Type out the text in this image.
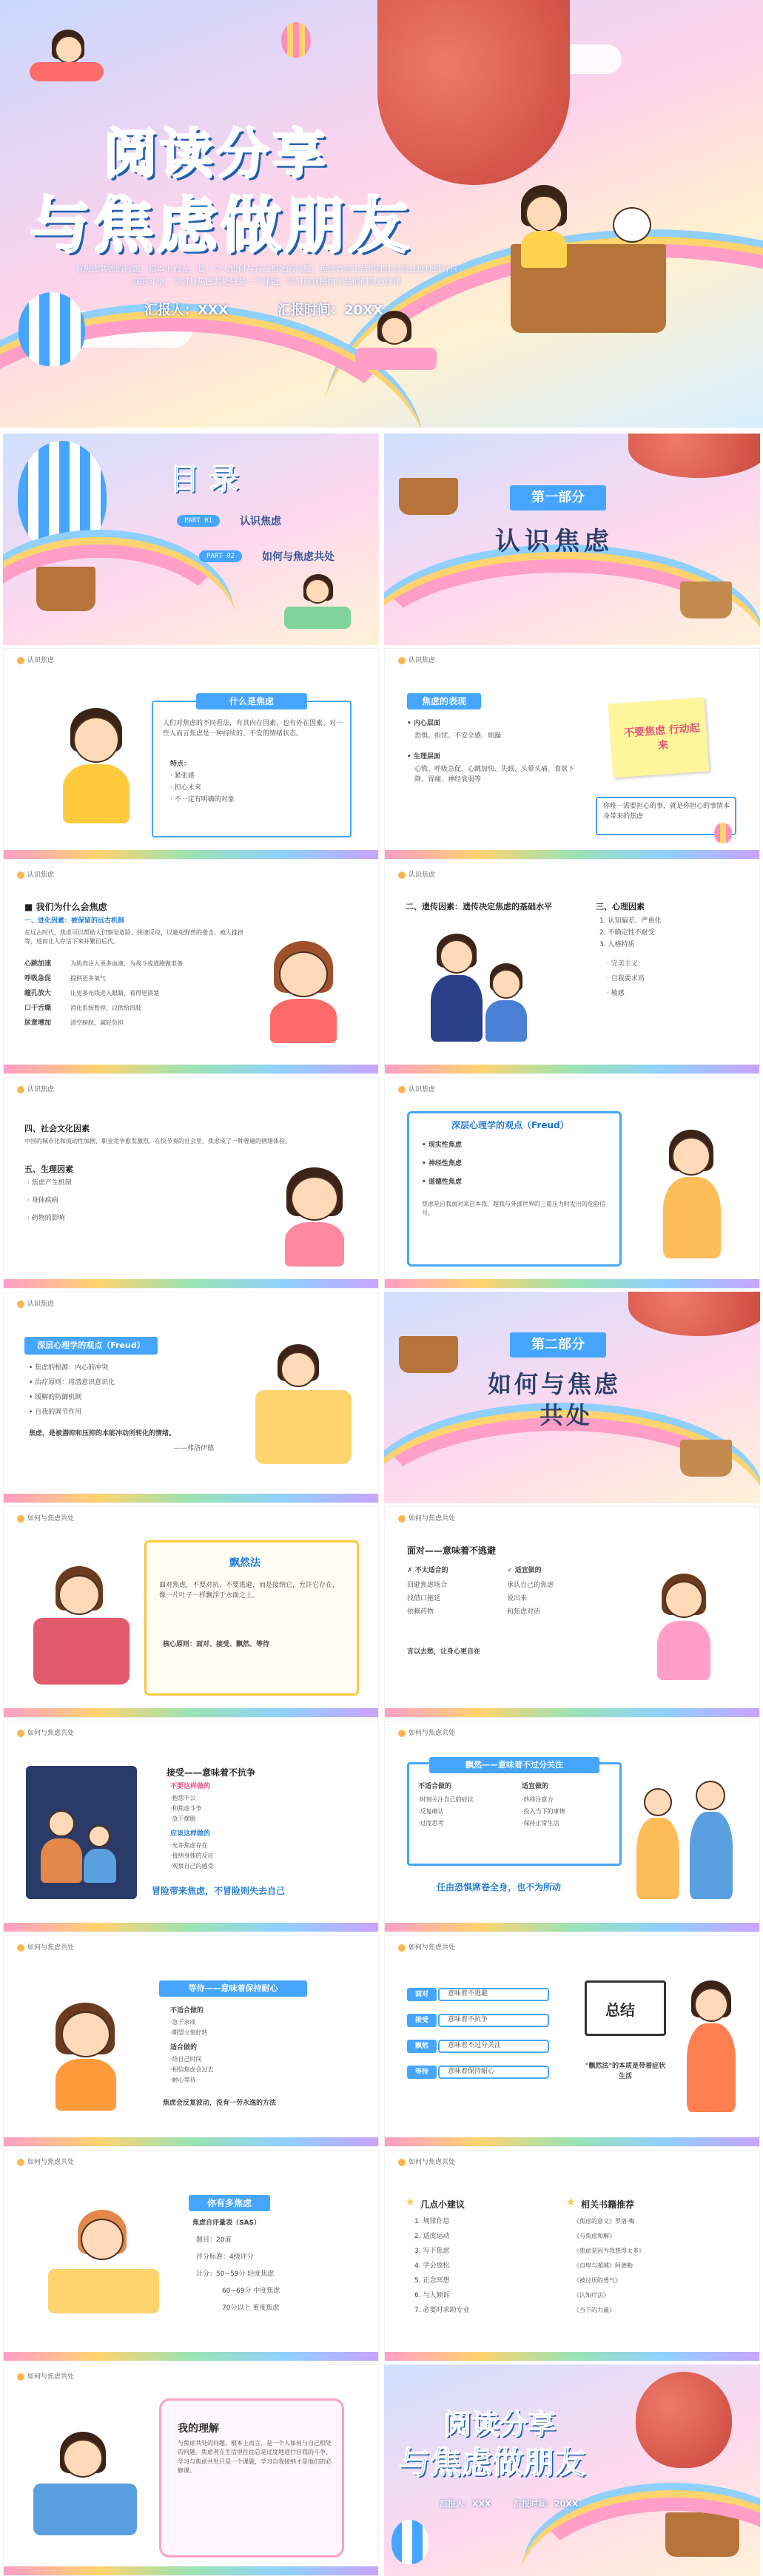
阅读分享
与焦虑做朋友
与焦虑共处的问题，根本上而言，是一个人如何与自己相处的问题。焦虑者在生活里往往总是过度地进行自我的斗争，学习与焦虑共处只是一个课题，学习自我接纳才是他们的必修课
汇报人：XXX	汇报时间：20XX
目 录
PART 01	认识焦虑
PART 02	如何与焦虑共处
第一部分
认识焦虑
认识焦虑
什么是焦虑
人们对焦虑的不同看法，有其内在因素，也有外在因素。对一些人而言焦虑是一种持续的、不安的情绪状态。
特点：
· 紧张感
· 担心未来
· 不一定有明确的对象
认识焦虑
焦虑的表现
• 内心层面
恐惧、担忧、不安全感、烦躁
• 生理层面
心慌、呼吸急促、心跳加快、失眠、头晕头痛、食欲下降、胃痛、神经衰弱等
不要焦虑 行动起来
你唯一需要担心的事，就是你担心的事情本身带来的焦虑
认识焦虑
■ 我们为什么会焦虑
一、进化因素：被保留的远古机制
在远古时代，焦虑可以帮助人们察觉危险、快速反应，以避免野兽的袭击、被人排挤等，进而让人存活下来并繁衍后代。
心跳加速	为肌肉注入更多血液，为战斗或逃跑做准备
呼吸急促	提供更多氧气
瞳孔放大	让更多光线进入眼睛，看得更清楚
口干舌燥	消化系统暂停，以供给四肢
尿意增加	清空膀胱，减轻负担
认识焦虑
二、遗传因素：遗传决定焦虑的基础水平	三、心理因素
1. 认知偏差、严重化
2. 不确定性不耐受
3. 人格特质
· 完美主义
· 自我要求高
· 敏感
认识焦虑
四、社会文化因素
中国的城市化和流动性加剧，职业竞争愈发激烈，在快节奏的社会里，焦虑成了一种普遍的情绪体验。
五、生理因素
· 焦虑产生机制
· 身体疾病
· 药物的影响
认识焦虑
深层心理学的观点（Freud）
• 现实性焦虑
• 神经性焦虑
• 道德性焦虑
焦虑是自我面对来自本我、超我与外部世界的三重压力时发出的危险信号。
认识焦虑
深层心理学的观点（Freud）
• 焦虑的根源：内心的冲突
• 治疗原则：将潜意识意识化
• 缓解的防御机制
• 自我的调节作用
焦虑，是被潜抑和压抑的本能冲动所转化的情绪。
——弗洛伊德
第二部分
如何与焦虑
共处
如何与焦虑共处
飘然法
面对焦虑，不要对抗、不要逃避，而是接纳它，允许它存在，像一片叶子一样飘浮于水面之上。
核心原则：面对、接受、飘然、等待
如何与焦虑共处
面对——意味着不逃避
✗ 不太适合的
回避焦虑场合
找借口拖延
依赖药物
✓ 适宜做的
承认自己的焦虑
说出来
和焦虑对话
言以去愁，让身心更自在
如何与焦虑共处
接受——意味着不抗争
不要这样做的
·抱怨不公
·和焦虑斗争
·急于摆脱
应该这样做的
·允许焦虑存在
·接纳身体的反应
·观察自己的感受
冒险带来焦虑，不冒险则失去自己
如何与焦虑共处
飘然——意味着不过分关注
不适合做的
·时刻关注自己的症状
·反复确认
·过度思考
适宜做的
·转移注意力
·投入当下的事情
·保持正常生活
任由恐惧席卷全身，也不为所动
如何与焦虑共处
等待——意味着保持耐心
不适合做的
·急于求成
·期望立刻好转
适合做的
·给自己时间
·相信焦虑会过去
·耐心等待
焦虑会反复波动，没有一劳永逸的方法
如何与焦虑共处
面对	意味着不逃避
接受	意味着不抗争
飘然	意味着不过分关注
等待	意味着保持耐心
总结
"飘然法"的本质是带着症状生活
如何与焦虑共处
你有多焦虑
焦虑自评量表（SAS）
题目：20道
评分标准：4级评分
计分：50~59分 轻度焦虑
60~69分 中度焦虑
70分以上 重度焦虑
如何与焦虑共处
★ 几点小建议
1. 规律作息
2. 适度运动
3. 写下焦虑
4. 学会放松
5. 正念冥想
6. 与人倾诉
7. 必要时求助专业
★ 相关书籍推荐
《焦虑的意义》罗洛·梅
《与焦虑和解》
《焦虑是因为我想得太多》
《自卑与超越》阿德勒
《被讨厌的勇气》
《认知疗法》
《当下的力量》
如何与焦虑共处
我的理解
与焦虑共处的问题，根本上而言，是一个人如何与自己相处的问题。焦虑者在生活里往往总是过度地进行自我的斗争，学习与焦虑共处只是一个课题，学习自我接纳才是他们的必修课。
阅读分享
与焦虑做朋友
汇报人：XXX	汇报时间：20XX
